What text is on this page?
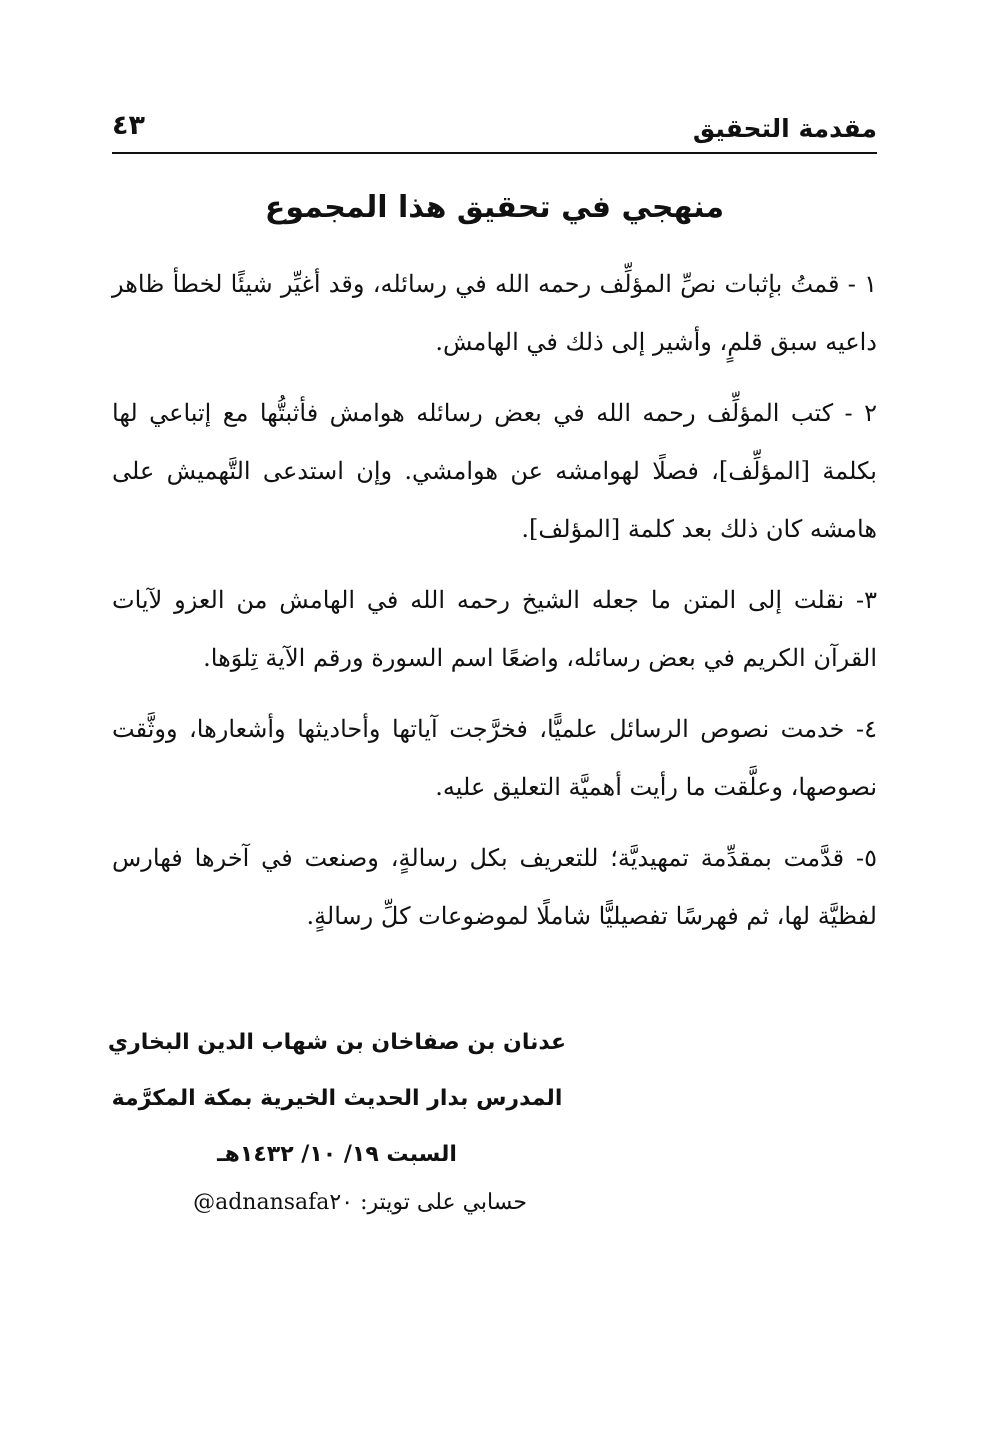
مقدمة التحقيق
٤٣
منهجي في تحقيق هذا المجموع

١ - قمتُ بإثبات نصِّ المؤلِّف رحمه الله في رسائله، وقد أغيِّر شيئًا لخطأ ظاهر داعيه سبق قلمٍ، وأشير إلى ذلك في الهامش.

٢ - كتب المؤلِّف رحمه الله في بعض رسائله هوامش فأثبتُّها مع إتباعي لها بكلمة [المؤلِّف]، فصلًا لهوامشه عن هوامشي. وإن استدعى التَّهميش على هامشه كان ذلك بعد كلمة [المؤلف].

٣- نقلت إلى المتن ما جعله الشيخ رحمه الله في الهامش من العزو لآيات القرآن الكريم في بعض رسائله، واضعًا اسم السورة ورقم الآية تِلوَها.

٤- خدمت نصوص الرسائل علميًّا، فخرَّجت آياتها وأحاديثها وأشعارها، ووثَّقت نصوصها، وعلَّقت ما رأيت أهميَّة التعليق عليه.

٥- قدَّمت بمقدِّمة تمهيديَّة؛ للتعريف بكل رسالةٍ، وصنعت في آخرها فهارس لفظيَّة لها، ثم فهرسًا تفصيليًّا شاملًا لموضوعات كلِّ رسالةٍ.

عدنان بن صفاخان بن شهاب الدين البخاري
المدرس بدار الحديث الخيرية بمكة المكرَّمة
السبت ١٩/ ١٠/ ١٤٣٢هـ
حسابي على تويتر: @adnansafa٢٠
